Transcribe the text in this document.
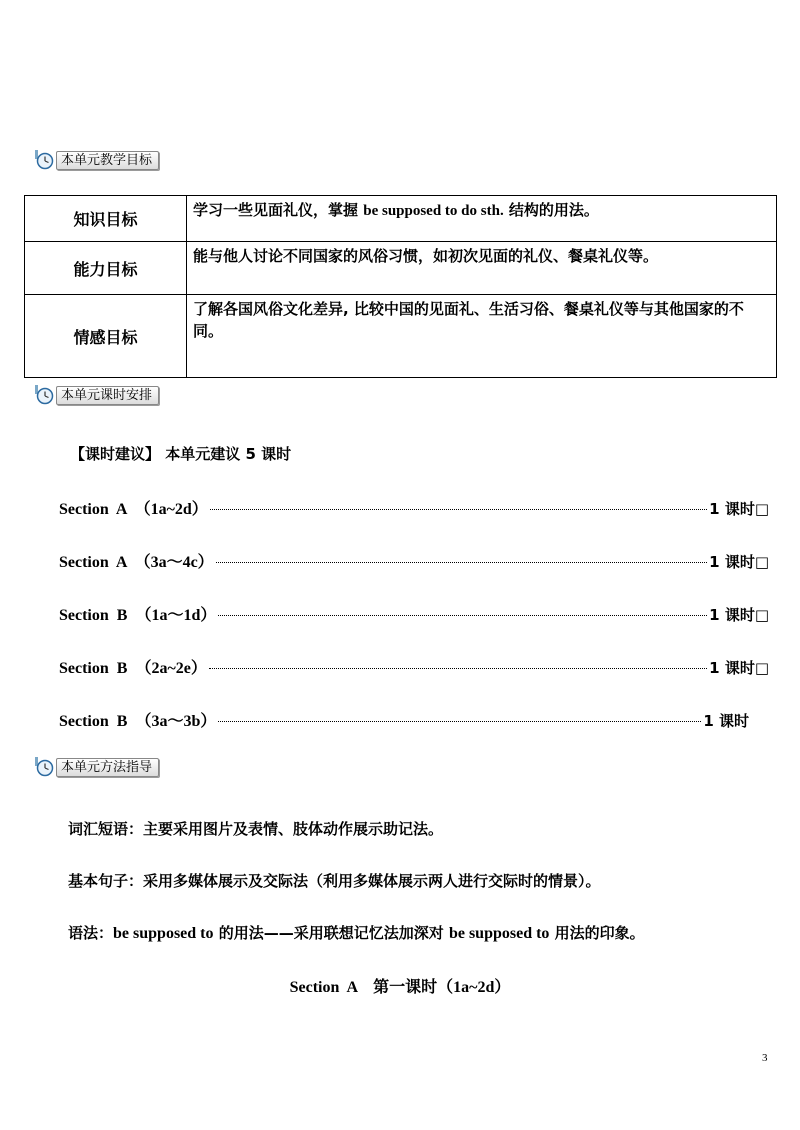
本单元教学目标
知识目标	学习一些见面礼仪，掌握 be supposed to do sth. 结构的用法。
能力目标	能与他人讨论不同国家的风俗习惯，如初次见面的礼仪、餐桌礼仪等。
情感目标	了解各国风俗文化差异, 比较中国的见面礼、生活习俗、餐桌礼仪等与其他国家的不同。
本单元课时安排
【课时建议】 本单元建议 5 课时
Section  A  （1a~2d）	1 课时□
Section  A  （3a～4c）	1 课时□
Section  B  （1a～1d）	1 课时□
Section  B  （2a~2e）	1 课时□
Section  B  （3a～3b）	1 课时
本单元方法指导
词汇短语：主要采用图片及表情、肢体动作展示助记法。
基本句子：采用多媒体展示及交际法（利用多媒体展示两人进行交际时的情景）。
语法：be supposed to 的用法——采用联想记忆法加深对 be supposed to 用法的印象。
Section  A    第一课时（1a~2d）
3
